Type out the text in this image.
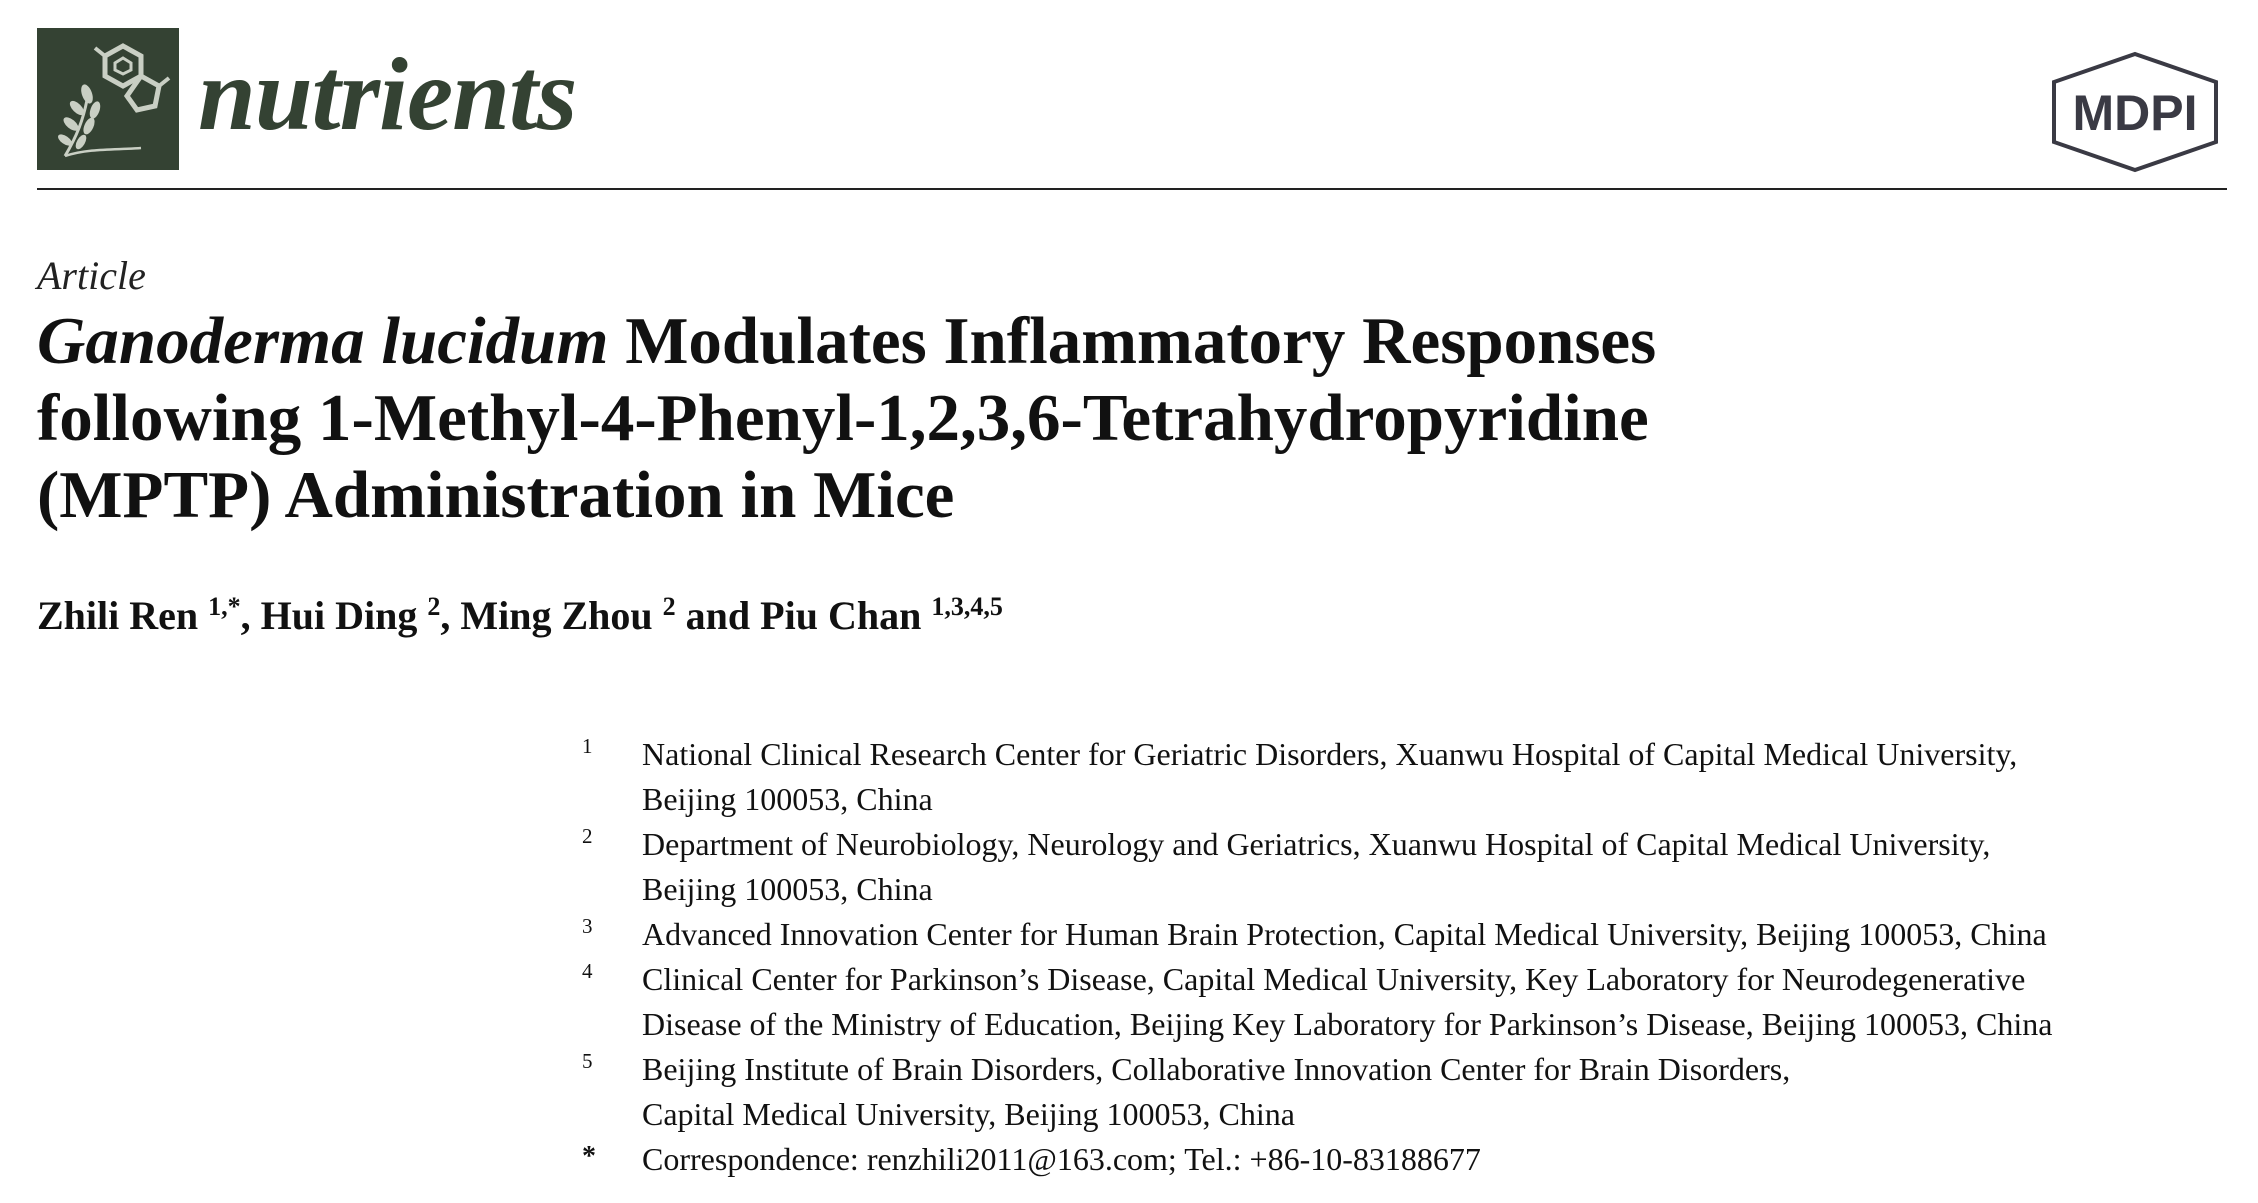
nutrients	MDPI
Article
Ganoderma lucidum Modulates Inflammatory Responses
following 1-Methyl-4-Phenyl-1,2,3,6-Tetrahydropyridine
(MPTP) Administration in Mice
Zhili Ren $^{1,*}$, Hui Ding $^2$, Ming Zhou $^2$ and Piu Chan $^{1,3,4,5}$
1 National Clinical Research Center for Geriatric Disorders, Xuanwu Hospital of Capital Medical University,
Beijing 100053, China
2 Department of Neurobiology, Neurology and Geriatrics, Xuanwu Hospital of Capital Medical University,
Beijing 100053, China
3 Advanced Innovation Center for Human Brain Protection, Capital Medical University, Beijing 100053, China
4 Clinical Center for Parkinson’s Disease, Capital Medical University, Key Laboratory for Neurodegenerative
Disease of the Ministry of Education, Beijing Key Laboratory for Parkinson’s Disease, Beijing 100053, China
5 Beijing Institute of Brain Disorders, Collaborative Innovation Center for Brain Disorders,
Capital Medical University, Beijing 100053, China
* Correspondence: renzhili2011@163.com; Tel.: +86-10-83188677
